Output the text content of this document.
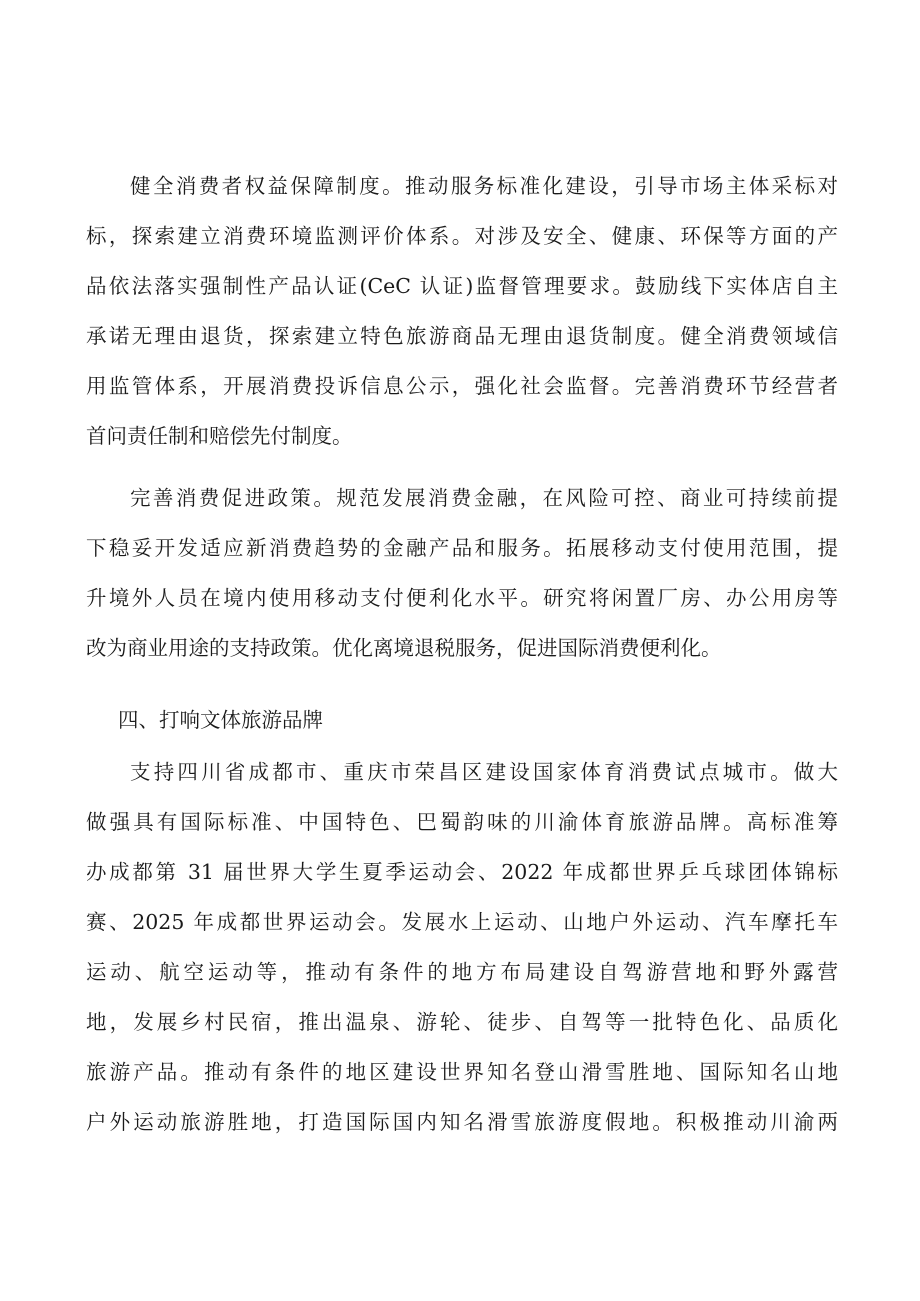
健全消费者权益保障制度。推动服务标准化建设，引导市场主体采标对
标，探索建立消费环境监测评价体系。对涉及安全、健康、环保等方面的产
品依法落实强制性产品认证(CeC 认证)监督管理要求。鼓励线下实体店自主
承诺无理由退货，探索建立特色旅游商品无理由退货制度。健全消费领域信
用监管体系，开展消费投诉信息公示，强化社会监督。完善消费环节经营者
首问责任制和赔偿先付制度。
完善消费促进政策。规范发展消费金融，在风险可控、商业可持续前提
下稳妥开发适应新消费趋势的金融产品和服务。拓展移动支付使用范围，提
升境外人员在境内使用移动支付便利化水平。研究将闲置厂房、办公用房等
改为商业用途的支持政策。优化离境退税服务，促进国际消费便利化。
四、打响文体旅游品牌
支持四川省成都市、重庆市荣昌区建设国家体育消费试点城市。做大
做强具有国际标准、中国特色、巴蜀韵味的川渝体育旅游品牌。高标准筹
办成都第 31 届世界大学生夏季运动会、2022 年成都世界乒乓球团体锦标
赛、2025 年成都世界运动会。发展水上运动、山地户外运动、汽车摩托车
运动、航空运动等，推动有条件的地方布局建设自驾游营地和野外露营
地，发展乡村民宿，推出温泉、游轮、徒步、自驾等一批特色化、品质化
旅游产品。推动有条件的地区建设世界知名登山滑雪胜地、国际知名山地
户外运动旅游胜地，打造国际国内知名滑雪旅游度假地。积极推动川渝两
